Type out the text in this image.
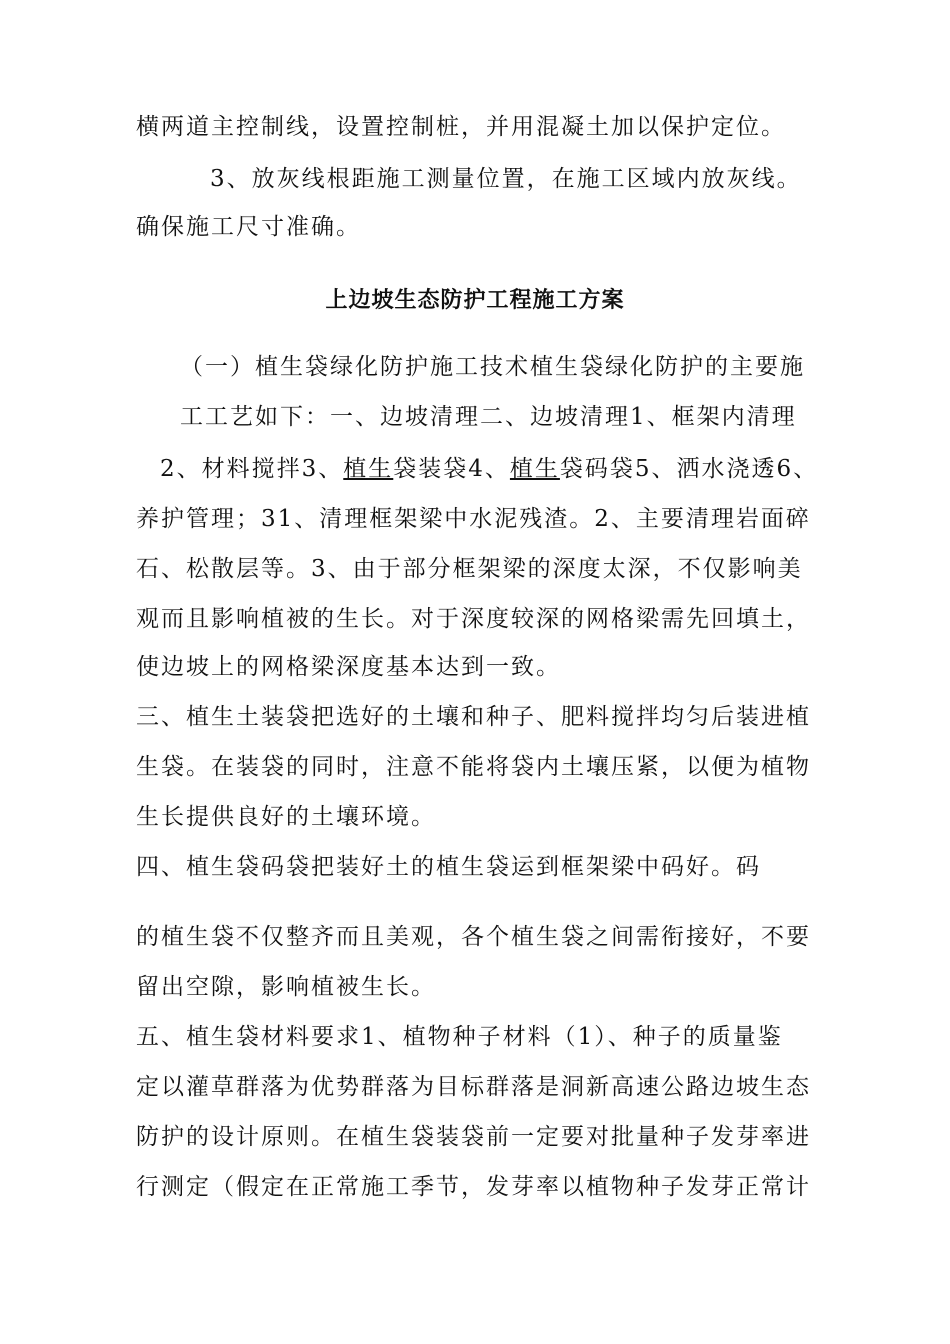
横两道主控制线，设置控制桩，并用混凝土加以保护定位。
3、放灰线根距施工测量位置，在施工区域内放灰线。
确保施工尺寸准确。
上边坡生态防护工程施工方案
（一）植生袋绿化防护施工技术植生袋绿化防护的主要施
工工艺如下：一、边坡清理二、边坡清理1、框架内清理
2、材料搅拌3、植生袋装袋4、植生袋码袋5、洒水浇透6、
养护管理；31、清理框架梁中水泥残渣。2、主要清理岩面碎
石、松散层等。3、由于部分框架梁的深度太深，不仅影响美
观而且影响植被的生长。对于深度较深的网格梁需先回填土，
使边坡上的网格梁深度基本达到一致。
三、植生土装袋把选好的土壤和种子、肥料搅拌均匀后装进植
生袋。在装袋的同时，注意不能将袋内土壤压紧，以便为植物
生长提供良好的土壤环境。
四、植生袋码袋把装好土的植生袋运到框架梁中码好。码
的植生袋不仅整齐而且美观，各个植生袋之间需衔接好，不要
留出空隙，影响植被生长。
五、植生袋材料要求1、植物种子材料（1）、种子的质量鉴
定以灌草群落为优势群落为目标群落是洞新高速公路边坡生态
防护的设计原则。在植生袋装袋前一定要对批量种子发芽率进
行测定（假定在正常施工季节，发芽率以植物种子发芽正常计
